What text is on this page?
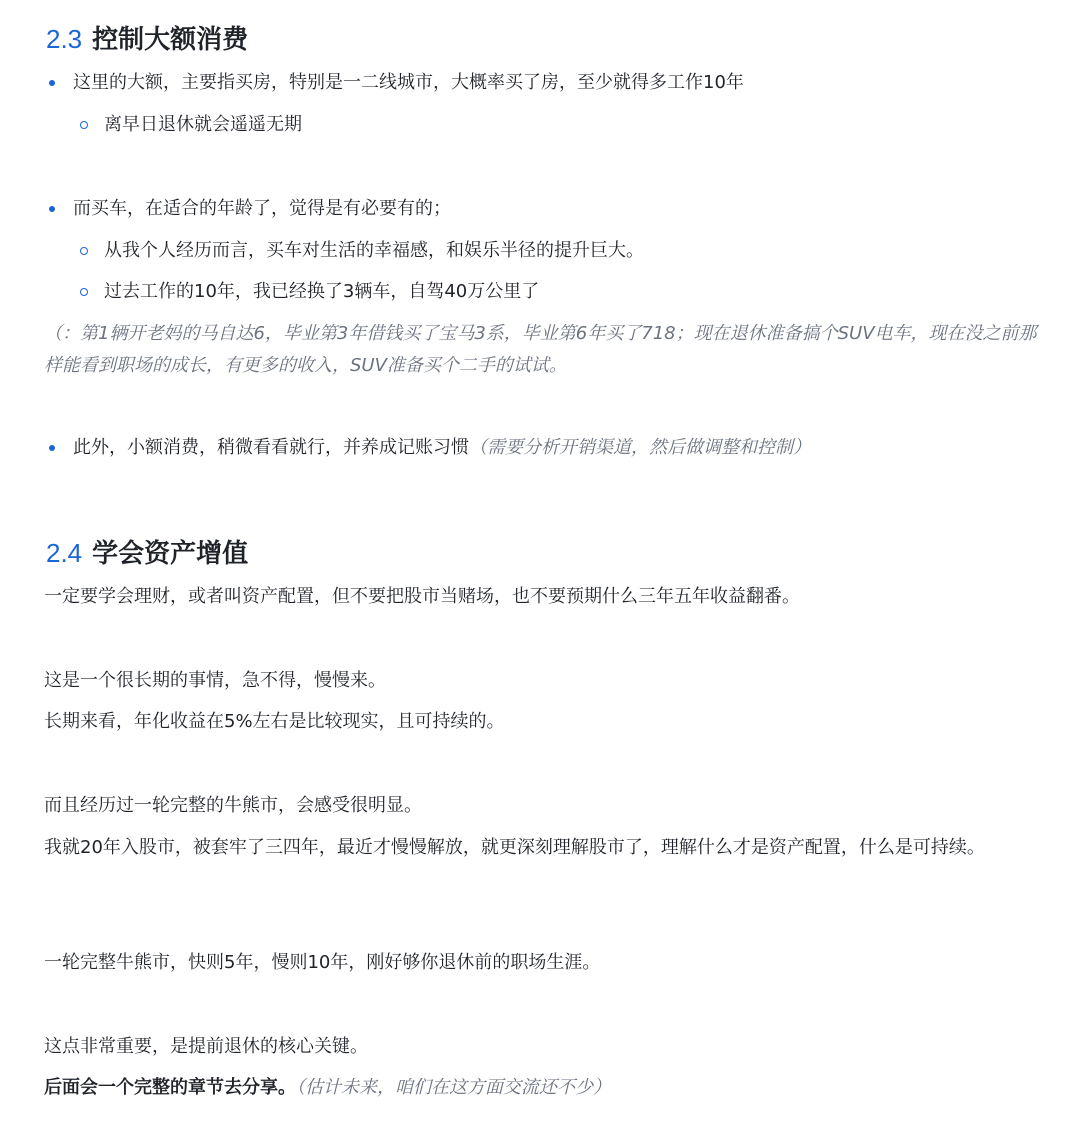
2.3 控制大额消费
这里的大额，主要指买房，特别是一二线城市，大概率买了房，至少就得多工作10年
离早日退休就会遥遥无期
而买车，在适合的年龄了，觉得是有必要有的；
从我个人经历而言，买车对生活的幸福感，和娱乐半径的提升巨大。
过去工作的10年，我已经换了3辆车，自驾40万公里了
（：第1辆开老妈的马自达6，毕业第3年借钱买了宝马3系，毕业第6年买了718；现在退休准备搞个SUV电车，现在没之前那样能看到职场的成长，有更多的收入，SUV准备买个二手的试试。
此外，小额消费，稍微看看就行，并养成记账习惯（需要分析开销渠道，然后做调整和控制）
2.4 学会资产增值
一定要学会理财，或者叫资产配置，但不要把股市当赌场，也不要预期什么三年五年收益翻番。
这是一个很长期的事情，急不得，慢慢来。
长期来看，年化收益在5%左右是比较现实，且可持续的。
而且经历过一轮完整的牛熊市，会感受很明显。
我就20年入股市，被套牢了三四年，最近才慢慢解放，就更深刻理解股市了，理解什么才是资产配置，什么是可持续。
一轮完整牛熊市，快则5年，慢则10年，刚好够你退休前的职场生涯。
这点非常重要，是提前退休的核心关键。
后面会一个完整的章节去分享。（估计未来，咱们在这方面交流还不少）
